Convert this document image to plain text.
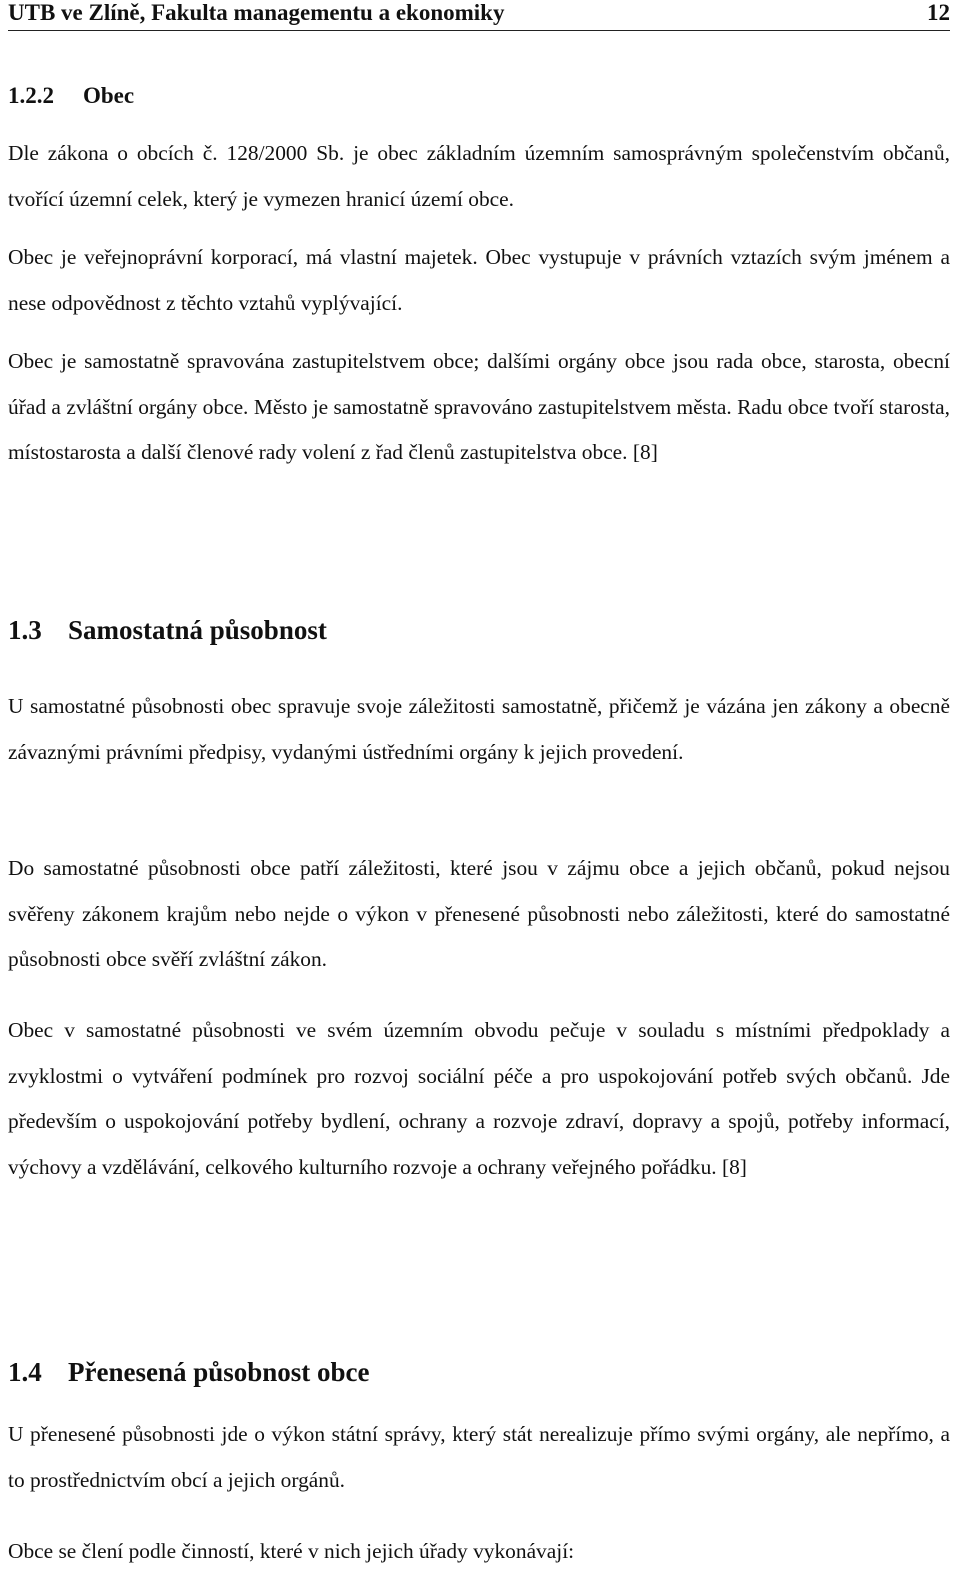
UTB ve Zlíně, Fakulta managementu a ekonomiky	12
1.2.2 Obec

Dle zákona o obcích č. 128/2000 Sb. je obec základním územním samosprávným společenstvím občanů, tvořící územní celek, který je vymezen hranicí území obce.

Obec je veřejnoprávní korporací, má vlastní majetek. Obec vystupuje v právních vztazích svým jménem a nese odpovědnost z těchto vztahů vyplývající.

Obec je samostatně spravována zastupitelstvem obce; dalšími orgány obce jsou rada obce, starosta, obecní úřad a zvláštní orgány obce. Město je samostatně spravováno zastupitelstvem města. Radu obce tvoří starosta, místostarosta a další členové rady volení z řad členů zastupitelstva obce. [8]

1.3 Samostatná působnost

U samostatné působnosti obec spravuje svoje záležitosti samostatně, přičemž je vázána jen zákony a obecně závaznými právními předpisy, vydanými ústředními orgány k jejich provedení.

Do samostatné působnosti obce patří záležitosti, které jsou v zájmu obce a jejich občanů, pokud nejsou svěřeny zákonem krajům nebo nejde o výkon v přenesené působnosti nebo záležitosti, které do samostatné působnosti obce svěří zvláštní zákon.

Obec v samostatné působnosti ve svém územním obvodu pečuje v souladu s místními předpoklady a zvyklostmi o vytváření podmínek pro rozvoj sociální péče a pro uspokojování potřeb svých občanů. Jde především o uspokojování potřeby bydlení, ochrany a rozvoje zdraví, dopravy a spojů, potřeby informací, výchovy a vzdělávání, celkového kulturního rozvoje a ochrany veřejného pořádku. [8]

1.4 Přenesená působnost obce

U přenesené působnosti jde o výkon státní správy, který stát nerealizuje přímo svými orgány, ale nepřímo, a to prostřednictvím obcí a jejich orgánů.

Obce se člení podle činností, které v nich jejich úřady vykonávají:
